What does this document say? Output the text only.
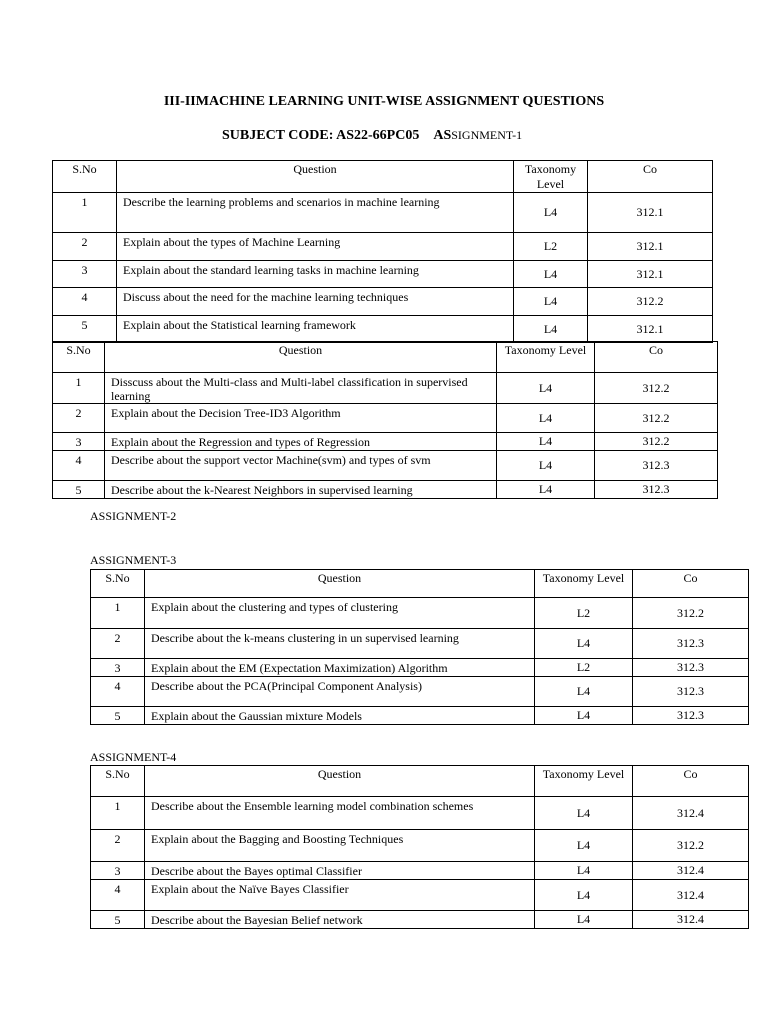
III-IIMACHINE LEARNING UNIT-WISE ASSIGNMENT QUESTIONS
SUBJECT CODE: AS22-66PC05 ASSIGNMENT-1
S.No	Question	Taxonomy Level	Co
1	Describe the learning problems and scenarios in machine learning	L4	312.1
2	Explain about the types of Machine Learning	L2	312.1
3	Explain about the standard learning tasks in machine learning	L4	312.1
4	Discuss about the need for the machine learning techniques	L4	312.2
5	Explain about the Statistical learning framework	L4	312.1
S.No	Question	Taxonomy Level	Co
1	Disscuss about the Multi-class and Multi-label classification in supervised learning	L4	312.2
2	Explain about the Decision Tree-ID3 Algorithm	L4	312.2
3	Explain about the Regression and types of Regression	L4	312.2
4	Describe about the support vector Machine(svm) and types of svm	L4	312.3
5	Describe about the k-Nearest Neighbors in supervised learning	L4	312.3
ASSIGNMENT-2
ASSIGNMENT-3
S.No	Question	Taxonomy Level	Co
1	Explain about the clustering and types of clustering	L2	312.2
2	Describe about the k-means clustering in un supervised learning	L4	312.3
3	Explain about the EM (Expectation Maximization) Algorithm	L2	312.3
4	Describe about the PCA(Principal Component Analysis)	L4	312.3
5	Explain about the Gaussian mixture Models	L4	312.3
ASSIGNMENT-4
S.No	Question	Taxonomy Level	Co
1	Describe about the Ensemble learning model combination schemes	L4	312.4
2	Explain about the Bagging and Boosting Techniques	L4	312.2
3	Describe about the Bayes optimal Classifier	L4	312.4
4	Explain about the Naïve Bayes Classifier	L4	312.4
5	Describe about the Bayesian Belief network	L4	312.4
